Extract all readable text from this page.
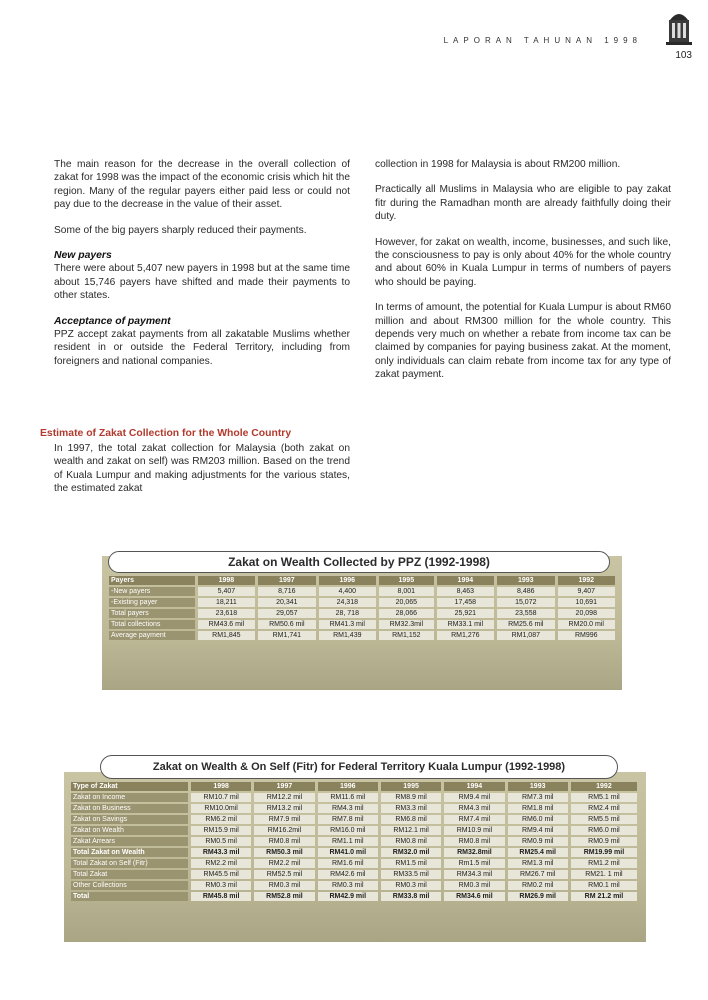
LAPORAN TAHUNAN 1998
103

The main reason for the decrease in the overall collection of zakat for 1998 was the impact of the economic crisis which hit the region. Many of the regular payers either paid less or could not pay due to the decrease in the value of their asset.

Some of the big payers sharply reduced their payments.

New payers

There were about 5,407 new payers in 1998 but at the same time about 15,746 payers have shifted and made their payments to other states.

Acceptance of payment

PPZ accept zakat payments from all zakatable Muslims whether resident in or outside the Federal Territory, including from foreigners and national companies.

Estimate of Zakat Collection for the Whole Country

In 1997, the total zakat collection for Malaysia (both zakat on wealth and zakat on self) was RM203 million. Based on the trend of Kuala Lumpur and making adjustments for the various states, the estimated zakat

collection in 1998 for Malaysia is about RM200 million.

Practically all Muslims in Malaysia who are eligible to pay zakat fitr during the Ramadhan month are already faithfully doing their duty.

However, for zakat on wealth, income, businesses, and such like, the consciousness to pay is only about 40% for the whole country and about 60% in Kuala Lumpur in terms of numbers of payers who should be paying.

In terms of amount, the potential for Kuala Lumpur is about RM60 million and about RM300 million for the whole country. This depends very much on whether a rebate from income tax can be claimed by companies for paying business zakat. At the moment, only individuals can claim rebate from income tax for any type of zakat payment.

Zakat on Wealth Collected by PPZ (1992-1998)
Payers	1998	1997	1996	1995	1994	1993	1992
-New payers	5,407	8,716	4,400	8,001	8,463	8,486	9,407
-Existing payer	18,211	20,341	24,318	20,065	17,458	15,072	10,691
Total payers	23,618	29,057	28, 718	28,066	25,921	23,558	20,098
Total collections	RM43.6 mil	RM50.6 mil	RM41.3 mil	RM32.3mil	RM33.1 mil	RM25.6 mil	RM20.0 mil
Average payment	RM1,845	RM1,741	RM1,439	RM1,152	RM1,276	RM1,087	RM996
Zakat on Wealth & On Self (Fitr) for Federal Territory Kuala Lumpur (1992-1998)
Type of Zakat	1998	1997	1996	1995	1994	1993	1992
Zakat on Income	RM10.7 mil	RM12.2 mil	RM11.6 mil	RM8.9 mil	RM9.4 mil	RM7.3 mil	RM5.1 mil
Zakat on Business	RM10.0mil	RM13.2 mil	RM4.3 mil	RM3.3 mil	RM4.3 mil	RM1.8 mil	RM2.4 mil
Zakat on Savings	RM6.2 mil	RM7.9 mil	RM7.8 mil	RM6.8 mil	RM7.4 mil	RM6.0 mil	RM5.5 mil
Zakat on Wealth	RM15.9 mil	RM16.2mil	RM16.0 mil	RM12.1 mil	RM10.9 mil	RM9.4 mil	RM6.0 mil
Zakat Arrears	RM0.5 mil	RM0.8 mil	RM1.1 mil	RM0.8 mil	RM0.8 mil	RM0.9 mil	RM0.9 mil
Total Zakat on Wealth	RM43.3 mil	RM50.3 mil	RM41.0 mil	RM32.0 mil	RM32.8mil	RM25.4 mil	RM19.99 mil
Total Zakat on Self (Fitr)	RM2.2 mil	RM2.2 mil	RM1.6 mil	RM1.5 mil	Rm1.5 mil	RM1.3 mil	RM1.2 mil
Total Zakat	RM45.5 mil	RM52.5 mil	RM42.6 mil	RM33.5 mil	RM34.3 mil	RM26.7 mil	RM21. 1 mil
Other Collections	RM0.3 mil	RM0.3 mil	RM0.3 mil	RM0.3 mil	RM0.3 mil	RM0.2 mil	RM0.1 mil
Total	RM45.8 mil	RM52.8 mil	RM42.9 mil	RM33.8 mil	RM34.6 mil	RM26.9 mil	RM 21.2 mil
